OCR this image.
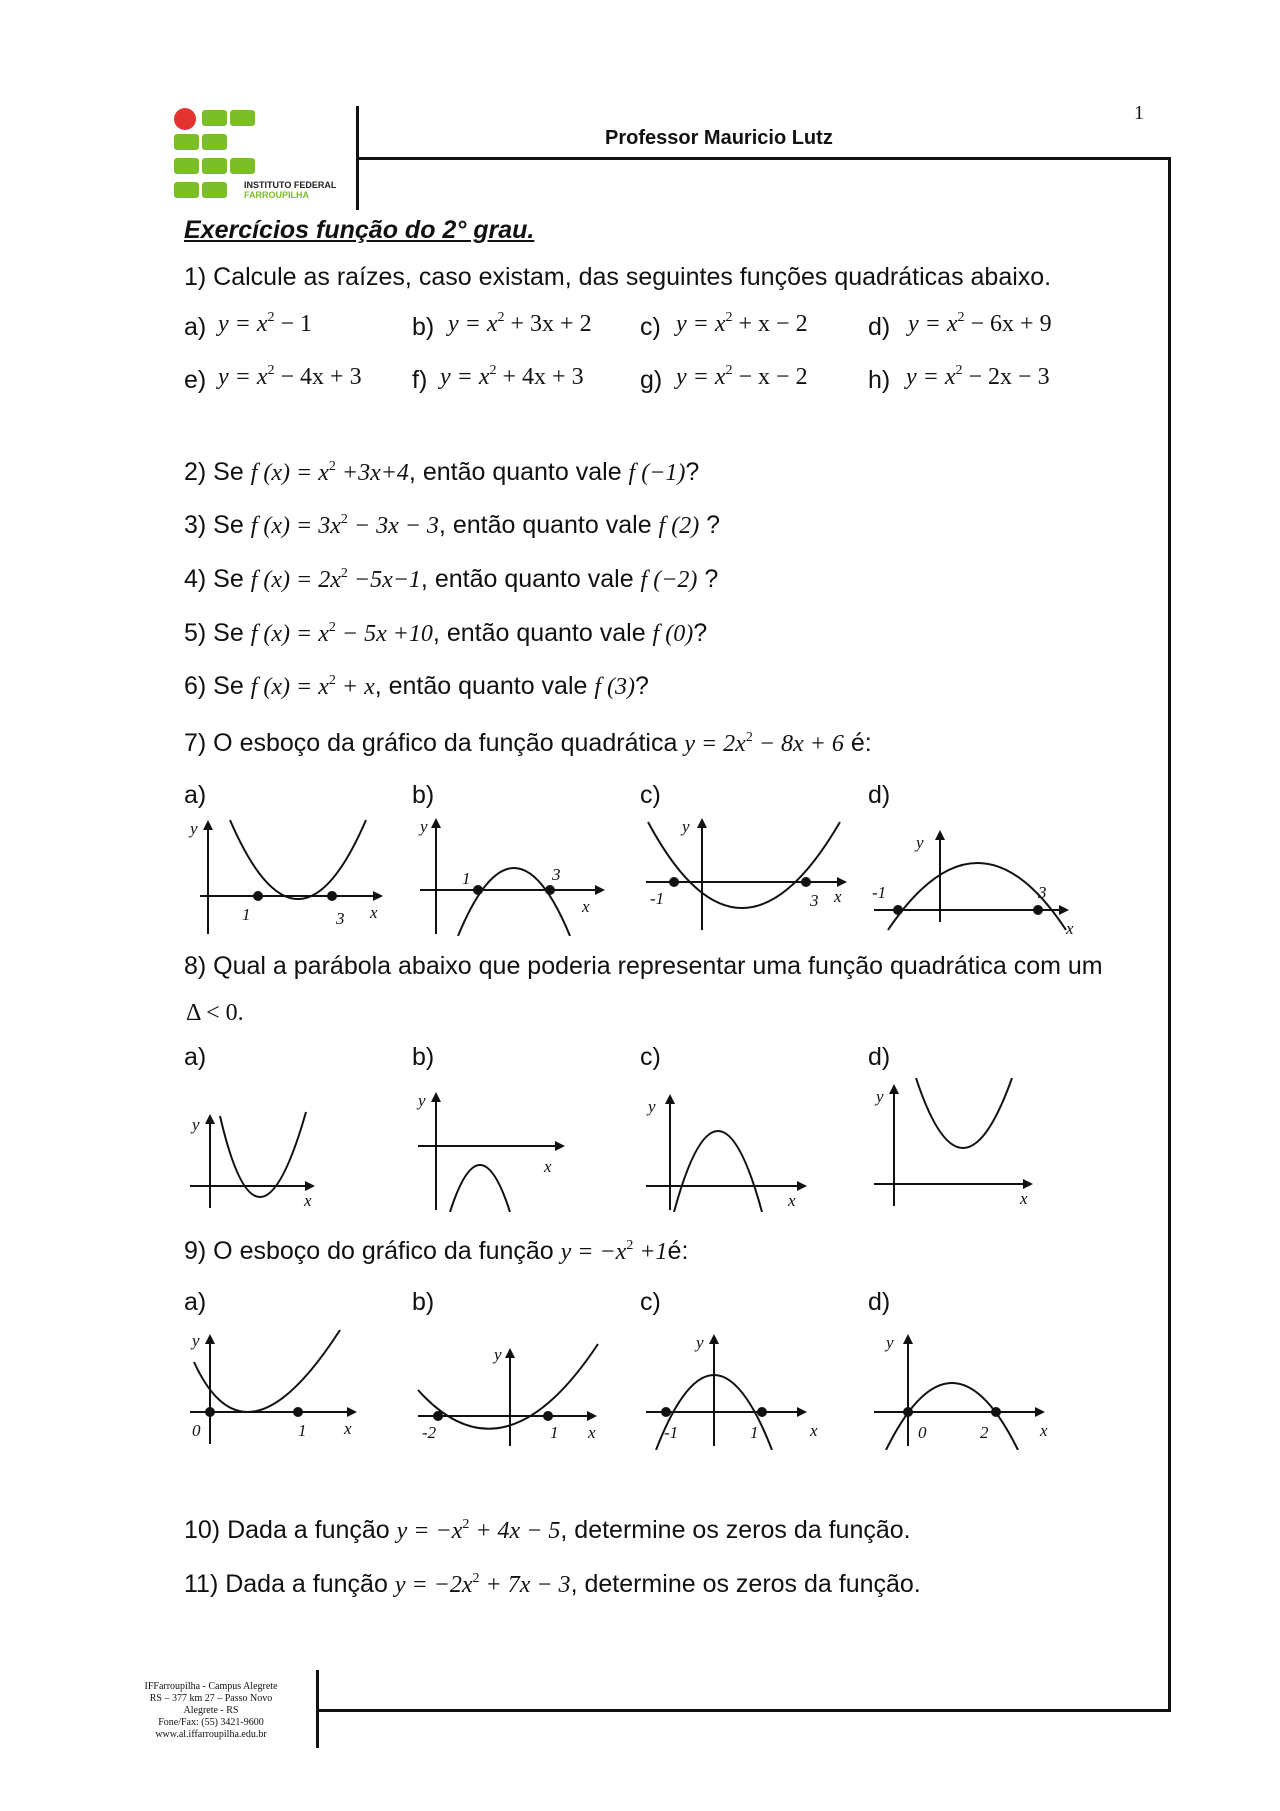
INSTITUTO FEDERAL
FARROUPILHA
1
Professor Mauricio Lutz
Exercícios função do 2° grau.
1) Calcule as raízes, caso existam, das seguintes funções quadráticas abaixo.
a) $y = x^2 - 1$	b) $y = x^2 + 3x + 2$ c) $y = x^2 + x - 2$ d) $y = x^2 - 6x + 9$
e) $y = x^2 - 4x + 3$ f) $y = x^2 + 4x + 3$ g) $y = x^2 - x - 2$ h) $y = x^2 - 2x - 3$
2) Se f $(x) = x^2 +3x+4$, então quanto vale f (−1)?
3) Se f $(x) = 3x^2 - 3x - 3$, então quanto vale f (2) ?
4) Se f $(x) = 2x^2 -5x-1$, então quanto vale f (−2) ?
5) Se f $(x) = x^2 - 5x +10$, então quanto vale f (0)?
6) Se f $(x) = x^2 + x$, então quanto vale f (3)?
7) O esboço da gráfico da função quadrática $y = 2x^2 - 8x + 6$ é:
a)	b)	c)	d)
y
1	3 x
y
1	3
x
y
-1	3 x
y
-1	3
x
8) Qual a parábola abaixo que poderia representar uma função quadrática com um
Δ < 0.
a)	b)	c)	d)
y
x
y
x
y
x
y
x
9) O esboço do gráfico da função $y = -x^2$ +1é:
a)	b)	c)	d)
y
0	1 x
y
-2	1 x
y
-1	1	x
y
0	2	x
10) Dada a função $y = -x^2 + 4x - 5$, determine os zeros da função.
11) Dada a função $y = -2x^2 + 7x - 3$, determine os zeros da função.
IFFarroupilha - Campus Alegrete
RS – 377 km 27 – Passo Novo
Alegrete - RS
Fone/Fax: (55) 3421-9600
www.al.iffarroupilha.edu.br
